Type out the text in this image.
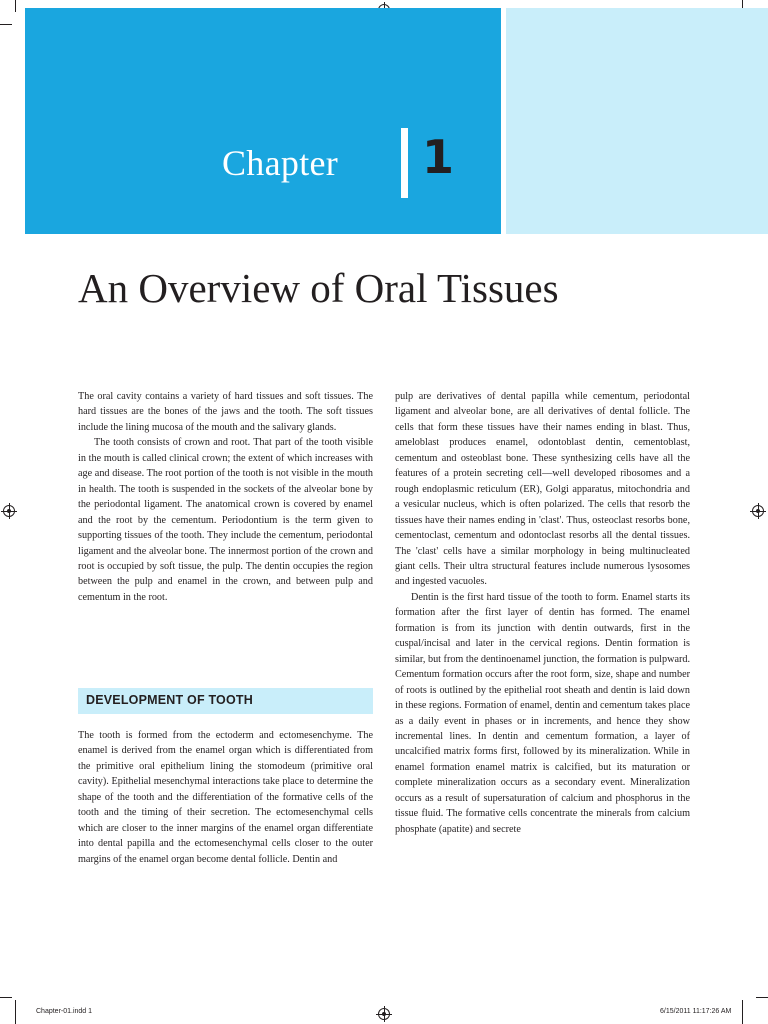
Chapter 1
An Overview of Oral Tissues

The oral cavity contains a variety of hard tissues and soft tissues. The hard tissues are the bones of the jaws and the tooth. The soft tissues include the lining mucosa of the mouth and the salivary glands.

The tooth consists of crown and root. That part of the tooth visible in the mouth is called clinical crown; the extent of which increases with age and disease. The root portion of the tooth is not visible in the mouth in health. The tooth is suspended in the sockets of the alveolar bone by the periodontal ligament. The anatomical crown is covered by enamel and the root by the cementum. Periodontium is the term given to supporting tissues of the tooth. They include the cementum, periodontal ligament and the alveolar bone. The innermost portion of the crown and root is occupied by soft tissue, the pulp. The dentin occupies the region between the pulp and enamel in the crown, and between pulp and cementum in the root.

DEVELOPMENT OF TOOTH

The tooth is formed from the ectoderm and ectomesenchyme. The enamel is derived from the enamel organ which is differentiated from the primitive oral epithelium lining the stomodeum (primitive oral cavity). Epithelial mesenchymal interactions take place to determine the shape of the tooth and the differentiation of the formative cells of the tooth and the timing of their secretion. The ectomesenchymal cells which are closer to the inner margins of the enamel organ differentiate into dental papilla and the ectomesenchymal cells closer to the outer margins of the enamel organ become dental follicle. Dentin and

pulp are derivatives of dental papilla while cementum, periodontal ligament and alveolar bone, are all derivatives of dental follicle. The cells that form these tissues have their names ending in blast. Thus, ameloblast produces enamel, odontoblast dentin, cementoblast, cementum and osteoblast bone. These synthesizing cells have all the features of a protein secreting cell—well developed ribosomes and a rough endoplasmic reticulum (ER), Golgi apparatus, mitochondria and a vesicular nucleus, which is often polarized. The cells that resorb the tissues have their names ending in 'clast'. Thus, osteoclast resorbs bone, cementoclast, cementum and odontoclast resorbs all the dental tissues. The 'clast' cells have a similar morphology in being multinucleated giant cells. Their ultra structural features include numerous lysosomes and ingested vacuoles.

Dentin is the first hard tissue of the tooth to form. Enamel starts its formation after the first layer of dentin has formed. The enamel formation is from its junction with dentin outwards, first in the cuspal/incisal and later in the cervical regions. Dentin formation is similar, but from the dentinoenamel junction, the formation is pulpward. Cementum formation occurs after the root form, size, shape and number of roots is outlined by the epithelial root sheath and dentin is laid down in these regions. Formation of enamel, dentin and cementum takes place as a daily event in phases or in increments, and hence they show incremental lines. In dentin and cementum formation, a layer of uncalcified matrix forms first, followed by its mineralization. While in enamel formation enamel matrix is calcified, but its maturation or complete mineralization occurs as a secondary event. Mineralization occurs as a result of supersaturation of calcium and phosphorus in the tissue fluid. The formative cells concentrate the minerals from calcium phosphate (apatite) and secrete

Chapter-01.indd 1	6/15/2011 11:17:26 AM
